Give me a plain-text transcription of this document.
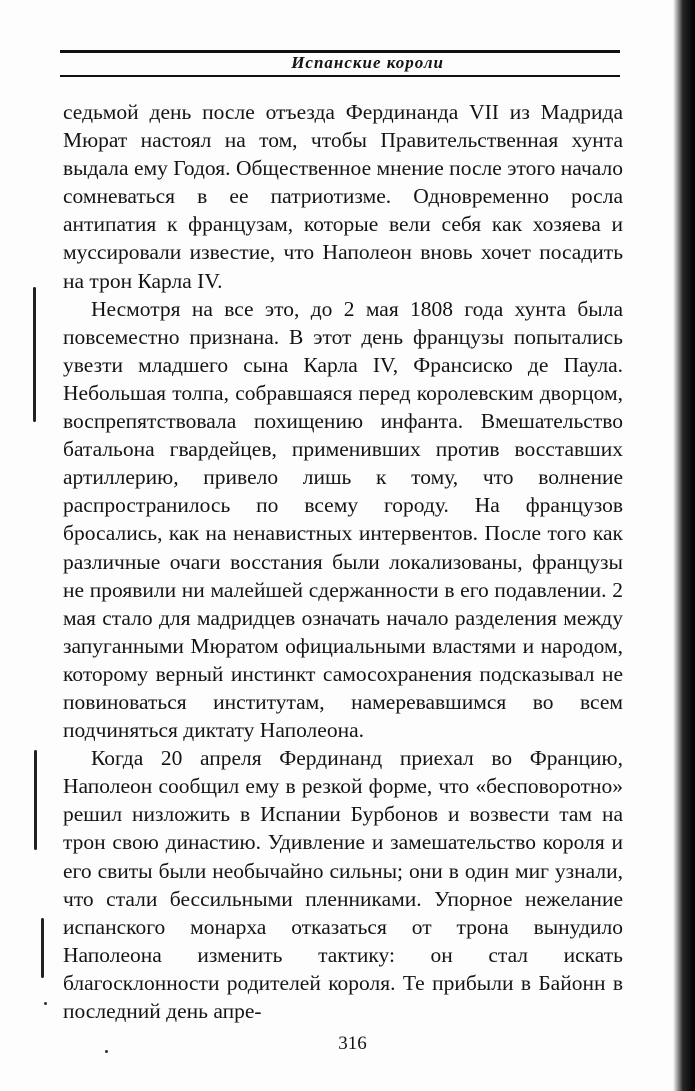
Испанские короли

седьмой день после отъезда Фердинанда VII из Мадрида Мюрат настоял на том, чтобы Правительственная хунта выдала ему Годоя. Общественное мнение после этого начало сомневаться в ее патриотизме. Одновременно росла антипатия к французам, которые вели себя как хозяева и муссировали известие, что Наполеон вновь хочет посадить на трон Карла IV.

Несмотря на все это, до 2 мая 1808 года хунта была повсеместно признана. В этот день французы попытались увезти младшего сына Карла IV, Франсиско де Паула. Небольшая толпа, собравшаяся перед королевским дворцом, воспрепятствовала похищению инфанта. Вмешательство батальона гвардейцев, применивших против восставших артиллерию, привело лишь к тому, что волнение распространилось по всему городу. На французов бросались, как на ненавистных интервентов. После того как различные очаги восстания были локализованы, французы не проявили ни малейшей сдержанности в его подавлении. 2 мая стало для мадридцев означать начало разделения между запуганными Мюратом официальными властями и народом, которому верный инстинкт самосохранения подсказывал не повиноваться институтам, намеревавшимся во всем подчиняться диктату Наполеона.

Когда 20 апреля Фердинанд приехал во Францию, Наполеон сообщил ему в резкой форме, что «бесповоротно» решил низложить в Испании Бурбонов и возвести там на трон свою династию. Удивление и замешательство короля и его свиты были необычайно сильны; они в один миг узнали, что стали бессильными пленниками. Упорное нежелание испанского монарха отказаться от трона вынудило Наполеона изменить тактику: он стал искать благосклонности родителей короля. Те прибыли в Байонн в последний день апре-

316
